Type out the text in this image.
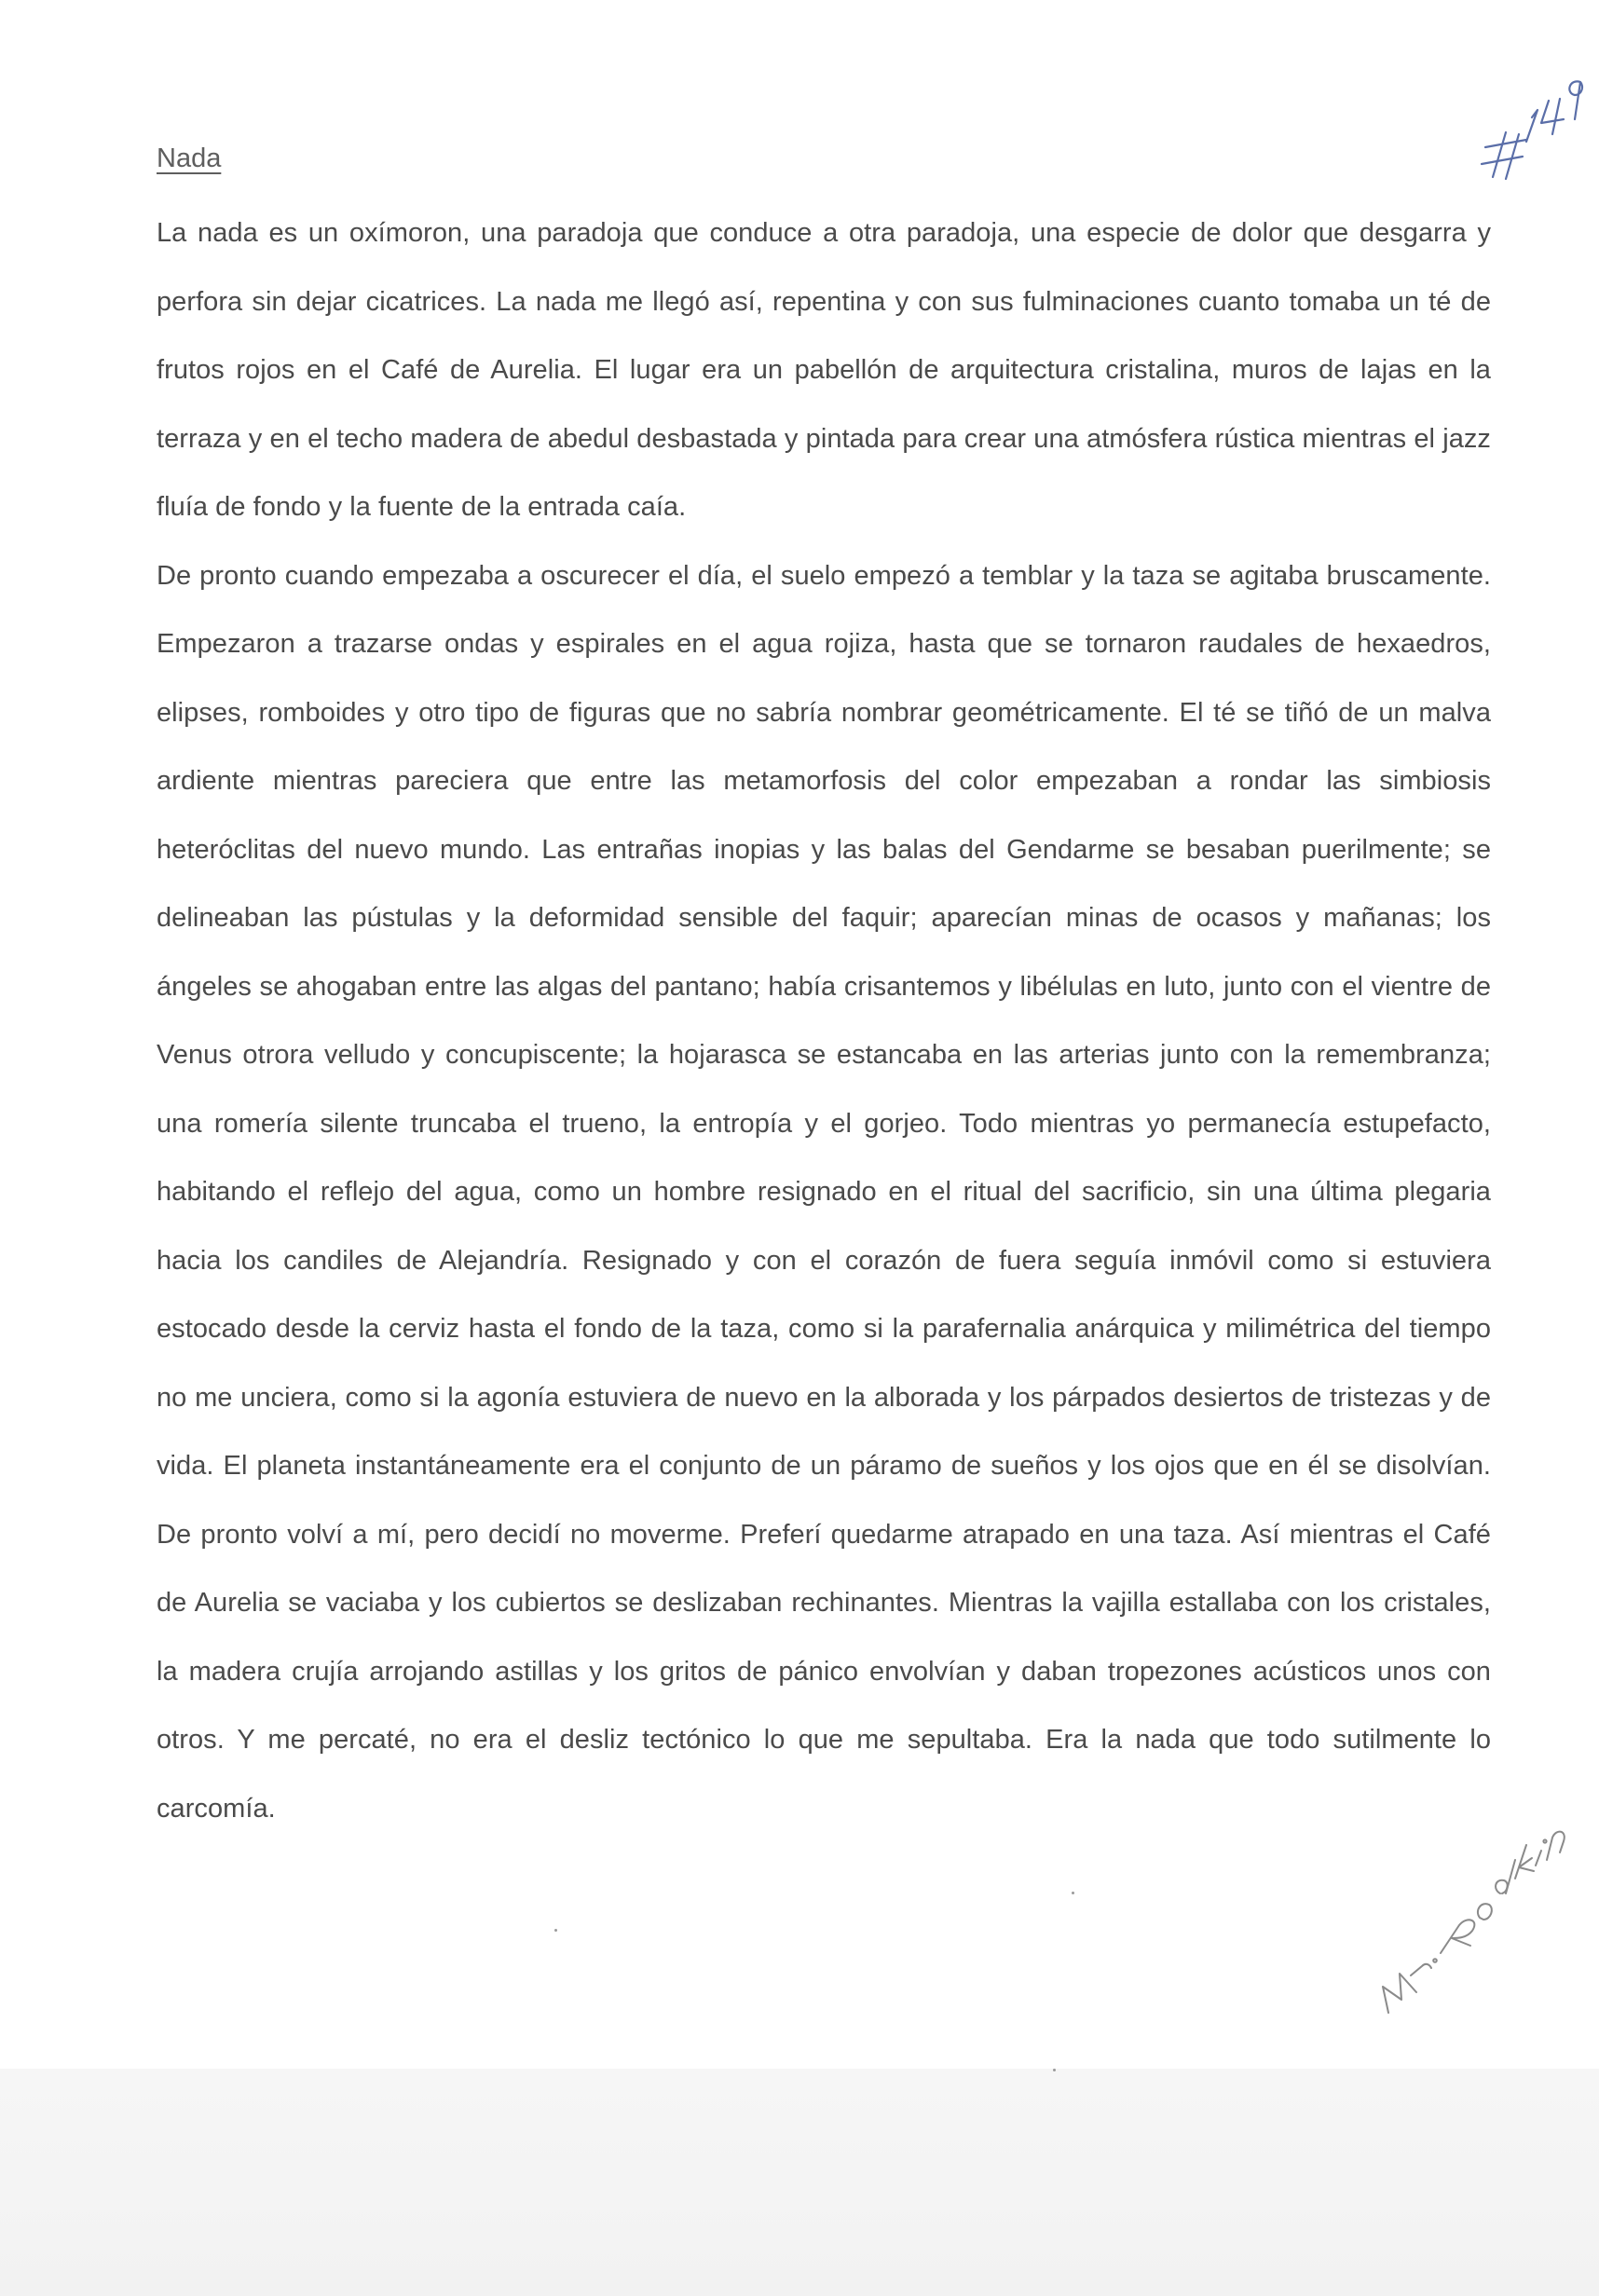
Nada

La nada es un oxímoron, una paradoja que conduce a otra paradoja, una especie de dolor que desgarra y perfora sin dejar cicatrices. La nada me llegó así, repentina y con sus fulminaciones cuanto tomaba un té de frutos rojos en el Café de Aurelia. El lugar era un pabellón de arquitectura cristalina, muros de lajas en la terraza y en el techo madera de abedul desbastada y pintada para crear una atmósfera rústica mientras el jazz fluía de fondo y la fuente de la entrada caía.

De pronto cuando empezaba a oscurecer el día, el suelo empezó a temblar y la taza se agitaba bruscamente. Empezaron a trazarse ondas y espirales en el agua rojiza, hasta que se tornaron raudales de hexaedros, elipses, romboides y otro tipo de figuras que no sabría nombrar geométricamente. El té se tiñó de un malva ardiente mientras pareciera que entre las metamorfosis del color empezaban a rondar las simbiosis heteróclitas del nuevo mundo. Las entrañas inopias y las balas del Gendarme se besaban puerilmente; se delineaban las pústulas y la deformidad sensible del faquir; aparecían minas de ocasos y mañanas; los ángeles se ahogaban entre las algas del pantano; había crisantemos y libélulas en luto, junto con el vientre de Venus otrora velludo y concupiscente; la hojarasca se estancaba en las arterias junto con la remembranza; una romería silente truncaba el trueno, la entropía y el gorjeo. Todo mientras yo permanecía estupefacto, habitando el reflejo del agua, como un hombre resignado en el ritual del sacrificio, sin una última plegaria hacia los candiles de Alejandría. Resignado y con el corazón de fuera seguía inmóvil como si estuviera estocado desde la cerviz hasta el fondo de la taza, como si la parafernalia anárquica y milimétrica del tiempo no me unciera, como si la agonía estuviera de nuevo en la alborada y los párpados desiertos de tristezas y de vida. El planeta instantáneamente era el conjunto de un páramo de sueños y los ojos que en él se disolvían. De pronto volví a mí, pero decidí no moverme. Preferí quedarme atrapado en una taza. Así mientras el Café de Aurelia se vaciaba y los cubiertos se deslizaban rechinantes. Mientras la vajilla estallaba con los cristales, la madera crujía arrojando astillas y los gritos de pánico envolvían y daban tropezones acústicos unos con otros. Y me percaté, no era el desliz tectónico lo que me sepultaba. Era la nada que todo sutilmente lo carcomía.
